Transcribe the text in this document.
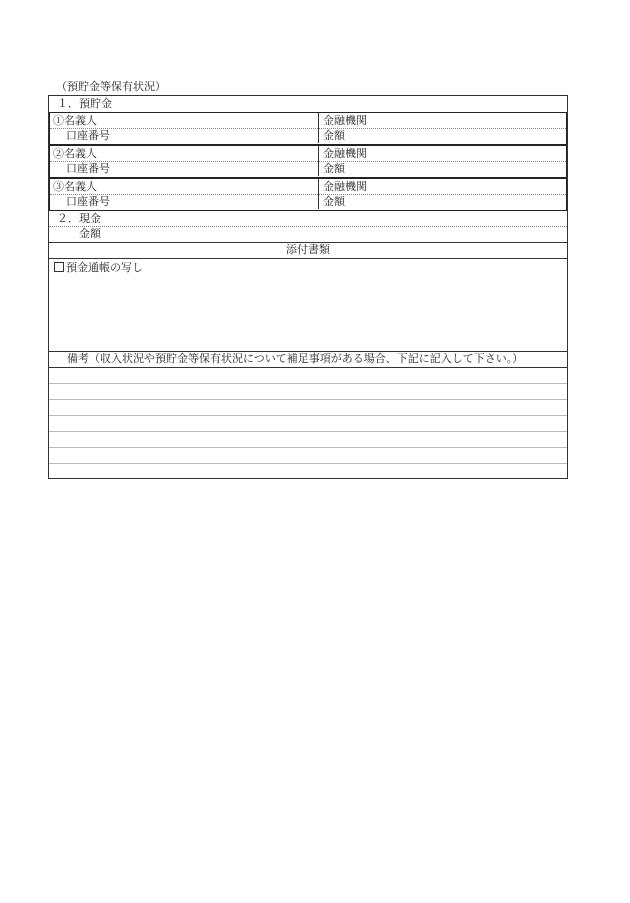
（預貯金等保有状況）
１．預貯金
①名義人	金融機関
口座番号	金額
②名義人	金融機関
口座番号	金額
③名義人	金融機関
口座番号	金額
２．現金
金額
添付書類
預金通帳の写し
備考（収入状況や預貯金等保有状況について補足事項がある場合、下記に記入して下さい。）
